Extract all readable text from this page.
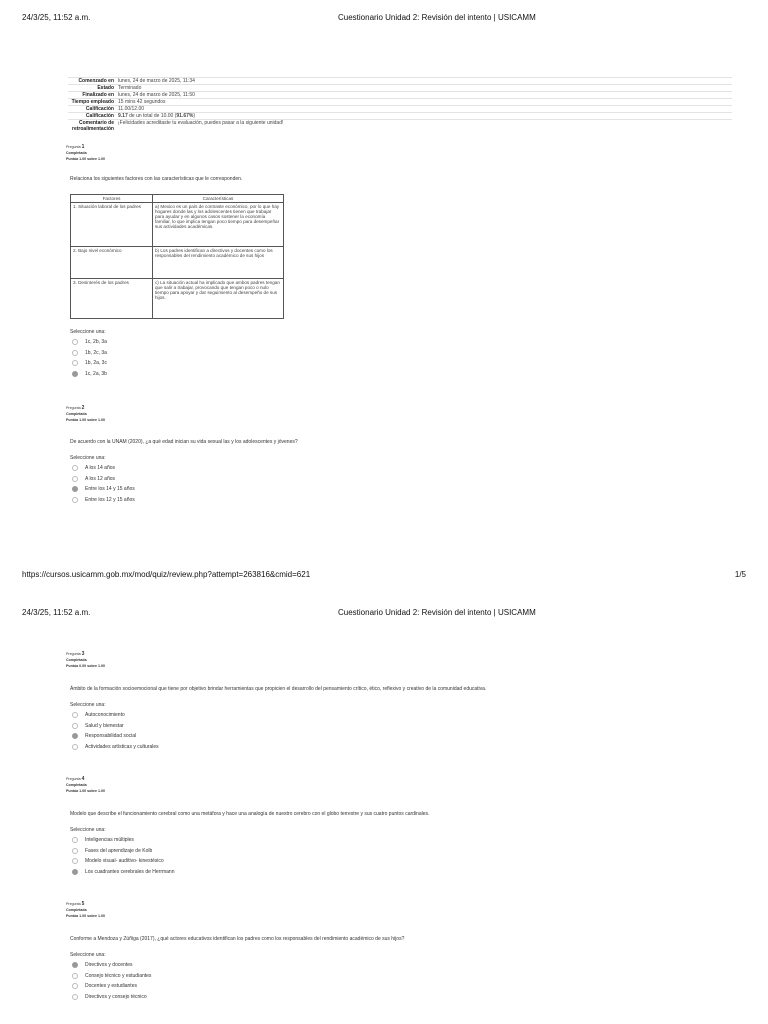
24/3/25, 11:52 a.m.	Cuestionario Unidad 2: Revisión del intento | USICAMM
Comenzado en	lunes, 24 de marzo de 2025, 11:34
Estado	Terminado
Finalizado en	lunes, 24 de marzo de 2025, 11:50
Tiempo empleado	15 mins 42 segundos
Calificación	11.00/12.00
Calificación	9.17 de un total de 10.00 (91.67%)
Comentario de retroalimentación	¡Felicidades acreditaste tu evaluación, puedes pasar a la siguiente unidad!
Pregunta 1
Completada
Puntúa 1.00 sobre 1.00
Relaciona los siguientes factores con las características que le corresponden.
Factores	Características
1. Situación laboral de los padres	a) Mexico es un país de contraste económico, por lo que hay hogares donde las y los adolescentes tienen que trabajar para ayudar y en algunos casos sostener la economía familiar, lo que implica tengan poco tiempo para desempeñar sus actividades académicas.
2. Bajo nivel económico	b) Los padres identifican a directivos y docentes como los responsables del rendimiento académico de sus hijos
3. Desinterés de los padres	c) La situación actual ha implicado que ambos padres tengan que salir a trabajar, provocando que tengan poco o nulo tiempo para apoyar y dar seguimiento al desempeño de sus hijos.
Seleccione una:
1c, 2b, 3a
1b, 2c, 3a
1b, 2a, 3c
1c, 2a, 3b
Pregunta 2
Completada
Puntúa 1.00 sobre 1.00
De acuerdo con la UNAM (2020), ¿a qué edad inician su vida sexual las y los adolescentes y jóvenes?
Seleccione una:
A los 14 años
A los 12 años
Entre los 14 y 15 años
Entre los 12 y 15 años
https://cursos.usicamm.gob.mx/mod/quiz/review.php?attempt=263816&cmid=621	1/5
24/3/25, 11:52 a.m.	Cuestionario Unidad 2: Revisión del intento | USICAMM
Pregunta 3
Completada
Puntúa 0.00 sobre 1.00
Ámbito de la formación socioemocional que tiene por objetivo brindar herramientas que propicien el desarrollo del pensamiento crítico, ético, reflexivo y creativo de la comunidad educativa.
Seleccione una:
Autoconocimiento
Salud y bienestar
Responsabilidad social
Actividades artísticas y culturales
Pregunta 4
Completada
Puntúa 1.00 sobre 1.00
Modelo que describe el funcionamiento cerebral como una metáfora y hace una analogía de nuestro cerebro con el globo terrestre y sus cuatro puntos cardinales.
Seleccione una:
Inteligencias múltiples
Fases del aprendizaje de Kolb
Modelo visual- auditivo- kinestésico
Los cuadrantes cerebrales de Herrmann
Pregunta 5
Completada
Puntúa 1.00 sobre 1.00
Conforme a Mendoza y Zúñiga (2017), ¿qué actores educativos identifican los padres como los responsables del rendimiento académico de sus hijos?
Seleccione una:
Directivos y docentes
Consejo técnico y estudiantes
Docentes y estudiantes
Directivos y consejo técnico
